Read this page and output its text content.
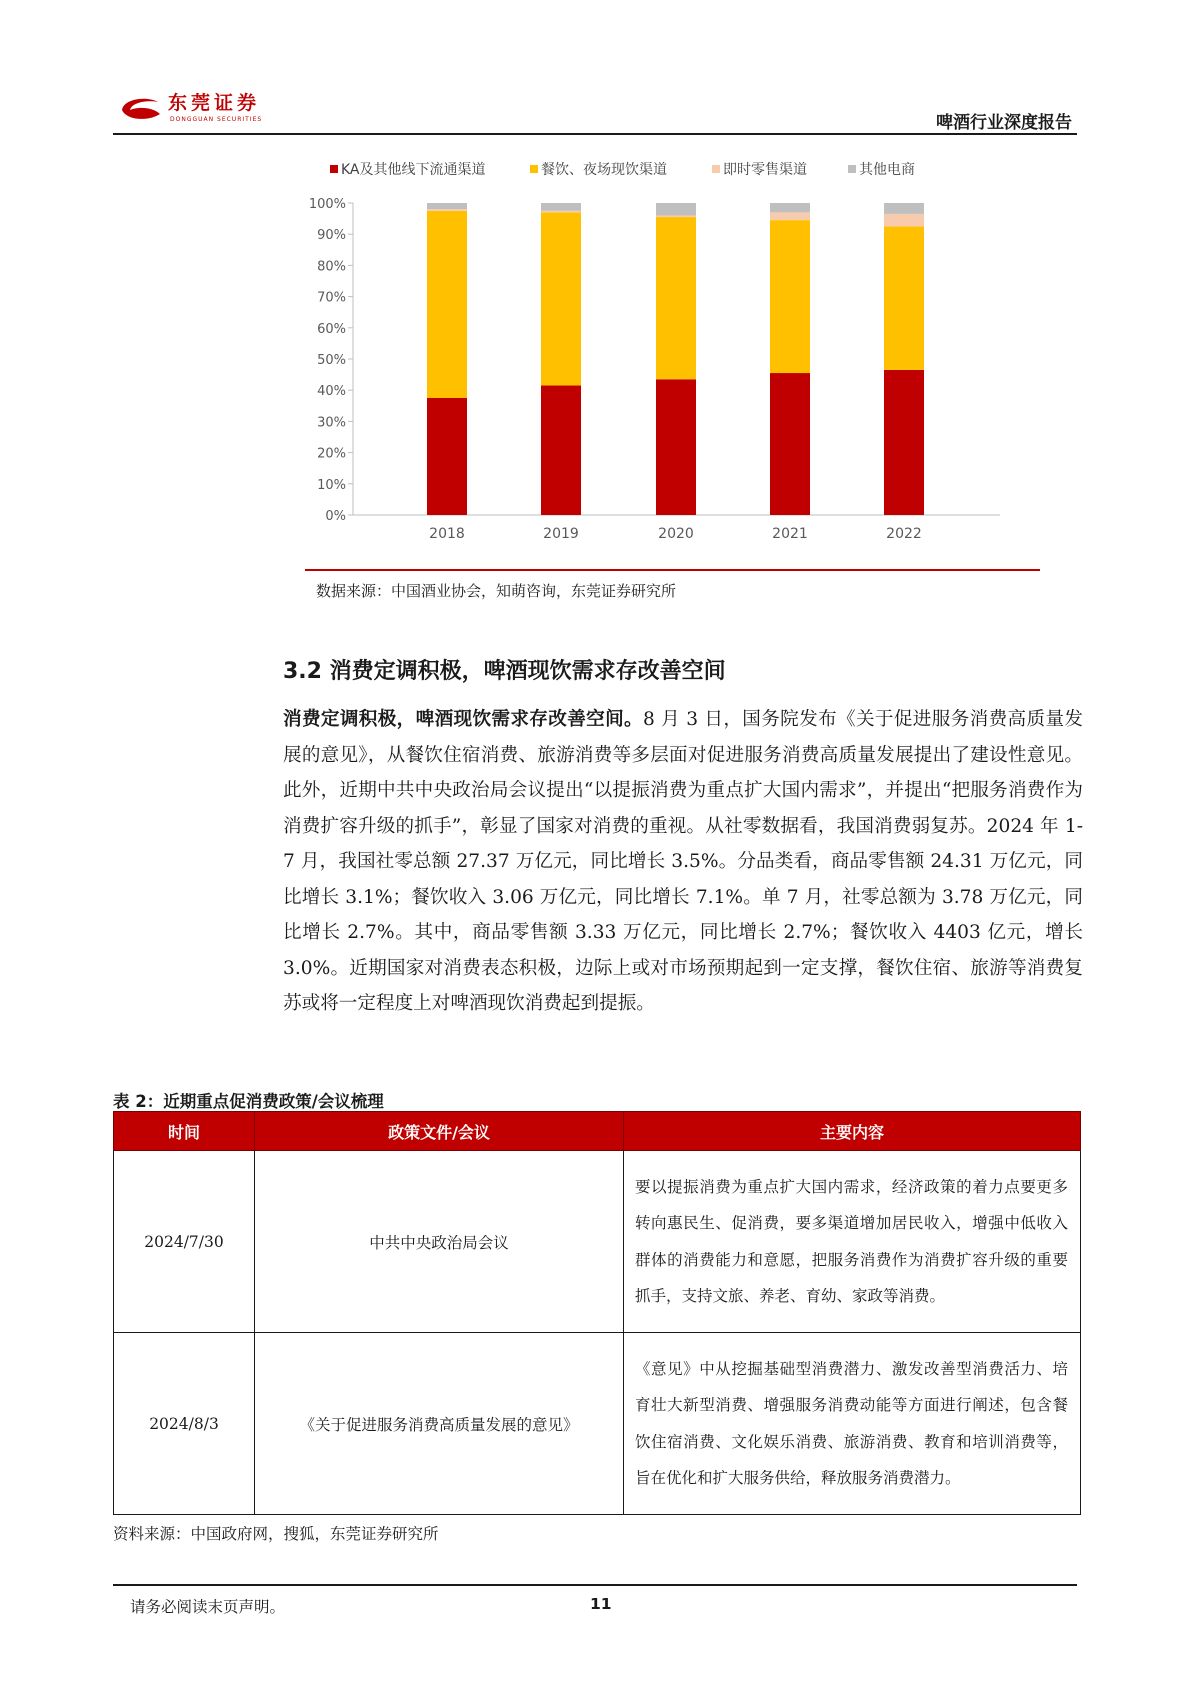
东莞证券
DONGGUAN SECURITIES	啤酒行业深度报告
KA及其他线下流通渠道	餐饮、夜场现饮渠道	即时零售渠道	其他电商
0%
10%
20%
30%
40%
50%
60%
70%
80%
90%
100%
2018	2019	2020	2021	2022
数据来源：中国酒业协会，知萌咨询，东莞证券研究所
3.2 消费定调积极，啤酒现饮需求存改善空间
消费定调积极，啤酒现饮需求存改善空间。8 月 3 日，国务院发布《关于促进服务消费高质量发展的意见》，从餐饮住宿消费、旅游消费等多层面对促进服务消费高质量发展提出了建设性意见。此外，近期中共中央政治局会议提出“以提振消费为重点扩大国内需求”，并提出“把服务消费作为消费扩容升级的抓手”，彰显了国家对消费的重视。从社零数据看，我国消费弱复苏。2024 年 1-7 月，我国社零总额 27.37 万亿元，同比增长 3.5%。分品类看，商品零售额 24.31 万亿元，同比增长 3.1%；餐饮收入 3.06 万亿元，同比增长 7.1%。单 7 月，社零总额为 3.78 万亿元，同比增长 2.7%。其中，商品零售额 3.33 万亿元，同比增长 2.7%；餐饮收入 4403 亿元，增长 3.0%。近期国家对消费表态积极，边际上或对市场预期起到一定支撑，餐饮住宿、旅游等消费复苏或将一定程度上对啤酒现饮消费起到提振。
表 2：近期重点促消费政策/会议梳理
时间	政策文件/会议	主要内容
2024/7/30	中共中央政治局会议	要以提振消费为重点扩大国内需求，经济政策的着力点要更多转向惠民生、促消费，要多渠道增加居民收入，增强中低收入群体的消费能力和意愿，把服务消费作为消费扩容升级的重要抓手，支持文旅、养老、育幼、家政等消费。
2024/8/3	《关于促进服务消费高质量发展的意见》	《意见》中从挖掘基础型消费潜力、激发改善型消费活力、培育壮大新型消费、增强服务消费动能等方面进行阐述，包含餐饮住宿消费、文化娱乐消费、旅游消费、教育和培训消费等，旨在优化和扩大服务供给，释放服务消费潜力。
资料来源：中国政府网，搜狐，东莞证券研究所
请务必阅读末页声明。	11
